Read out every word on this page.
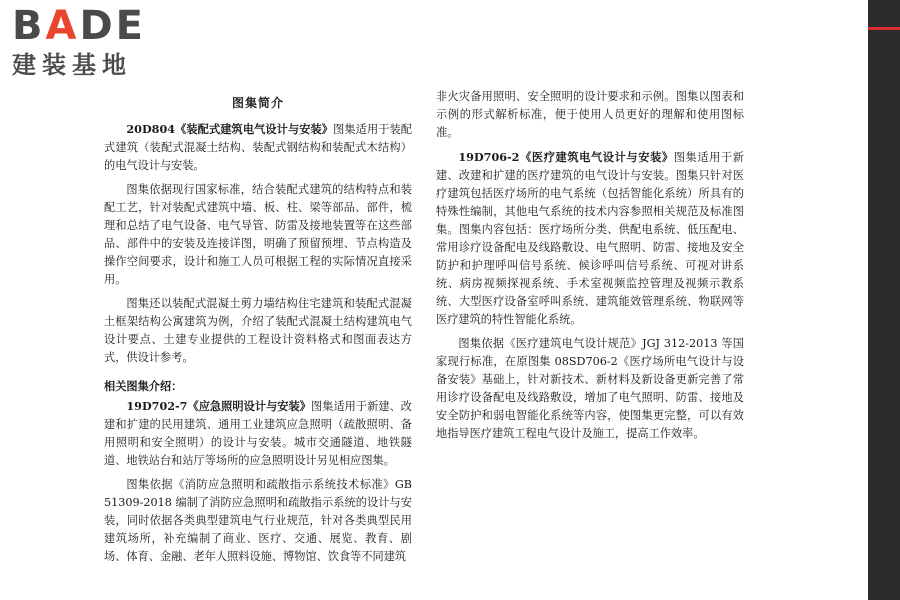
BADE
建装基地
图集简介

20D804《装配式建筑电气设计与安装》图集适用于装配式建筑（装配式混凝土结构、装配式钢结构和装配式木结构）的电气设计与安装。

图集依据现行国家标准，结合装配式建筑的结构特点和装配工艺，针对装配式建筑中墙、板、柱、梁等部品、部件，梳理和总结了电气设备、电气导管、防雷及接地装置等在这些部品、部件中的安装及连接详图，明确了预留预埋、节点构造及操作空间要求，设计和施工人员可根据工程的实际情况直接采用。

图集还以装配式混凝土剪力墙结构住宅建筑和装配式混凝土框架结构公寓建筑为例，介绍了装配式混凝土结构建筑电气设计要点、土建专业提供的工程设计资料格式和图面表达方式，供设计参考。

相关图集介绍：

19D702-7《应急照明设计与安装》图集适用于新建、改建和扩建的民用建筑、通用工业建筑应急照明（疏散照明、备用照明和安全照明）的设计与安装。城市交通隧道、地铁隧道、地铁站台和站厅等场所的应急照明设计另见相应图集。

图集依据《消防应急照明和疏散指示系统技术标准》GB 51309-2018 编制了消防应急照明和疏散指示系统的设计与安装，同时依据各类典型建筑电气行业规范，针对各类典型民用建筑场所，补充编制了商业、医疗、交通、展览、教育、剧场、体育、金融、老年人照料设施、博物馆、饮食等不同建筑

非火灾备用照明、安全照明的设计要求和示例。图集以图表和示例的形式解析标准，便于使用人员更好的理解和使用图标准。

19D706-2《医疗建筑电气设计与安装》图集适用于新建、改建和扩建的医疗建筑的电气设计与安装。图集只针对医疗建筑包括医疗场所的电气系统（包括智能化系统）所具有的特殊性编制，其他电气系统的技术内容参照相关规范及标准图集。图集内容包括：医疗场所分类、供配电系统、低压配电、常用诊疗设备配电及线路敷设、电气照明、防雷、接地及安全防护和护理呼叫信号系统、候诊呼叫信号系统、可视对讲系统、病房视频探视系统、手术室视频监控管理及视频示教系统、大型医疗设备室呼叫系统、建筑能效管理系统、物联网等医疗建筑的特性智能化系统。

图集依据《医疗建筑电气设计规范》JGJ 312-2013 等国家现行标准，在原图集 08SD706-2《医疗场所电气设计与设备安装》基础上，针对新技术、新材料及新设备更新完善了常用诊疗设备配电及线路敷设，增加了电气照明、防雷、接地及安全防护和弱电智能化系统等内容，使图集更完整，可以有效地指导医疗建筑工程电气设计及施工，提高工作效率。
